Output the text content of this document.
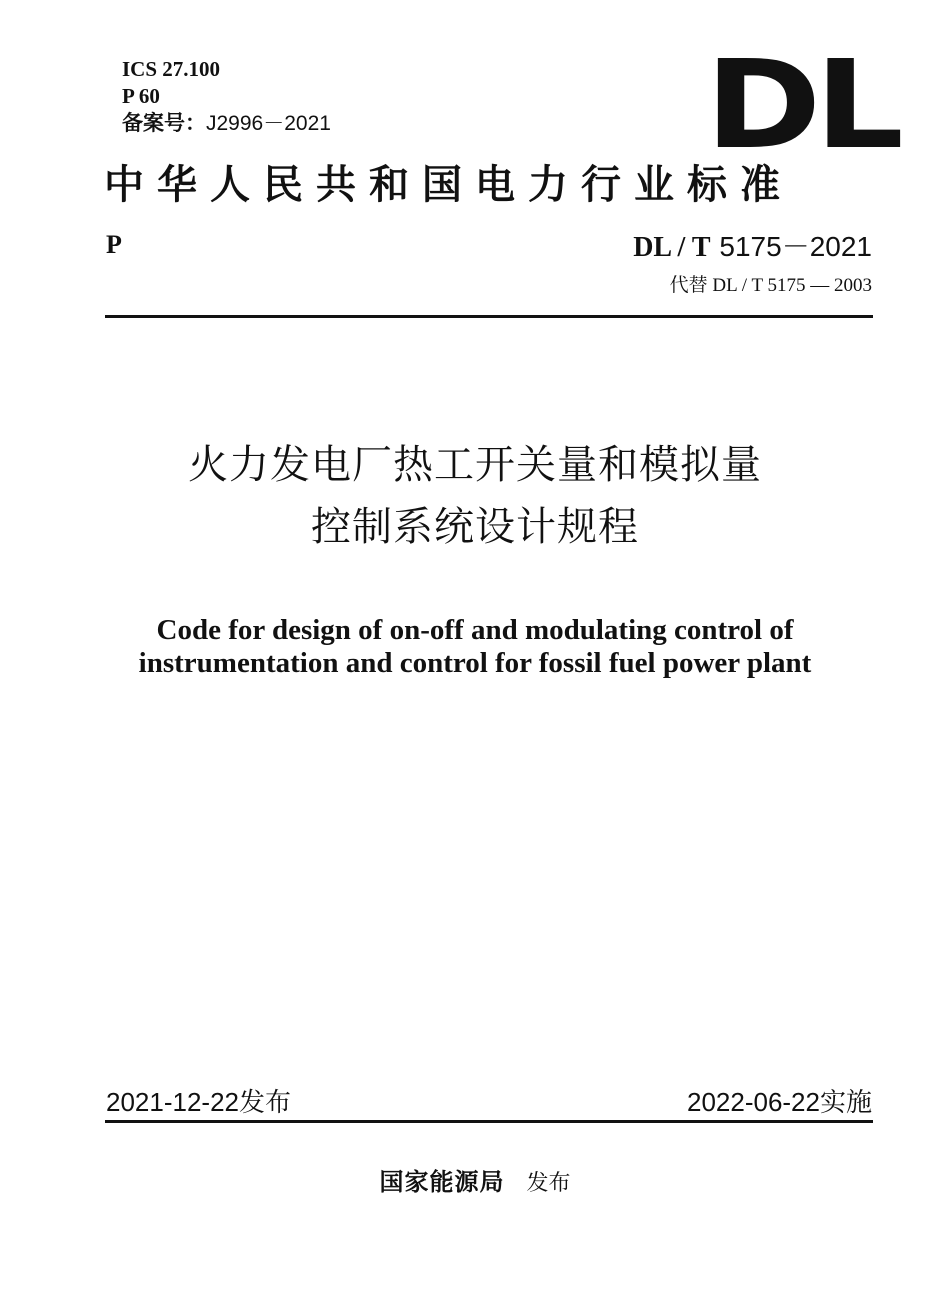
ICS 27.100
P 60
备案号：J2996－2021	DL
中华人民共和国电力行业标准
P	DL / T 5175－2021
代替 DL / T 5175 — 2003
火力发电厂热工开关量和模拟量
控制系统设计规程
Code for design of on-off and modulating control of
instrumentation and control for fossil fuel power plant
2021-12-22发布	2022-06-22实施
国家能源局 发布
